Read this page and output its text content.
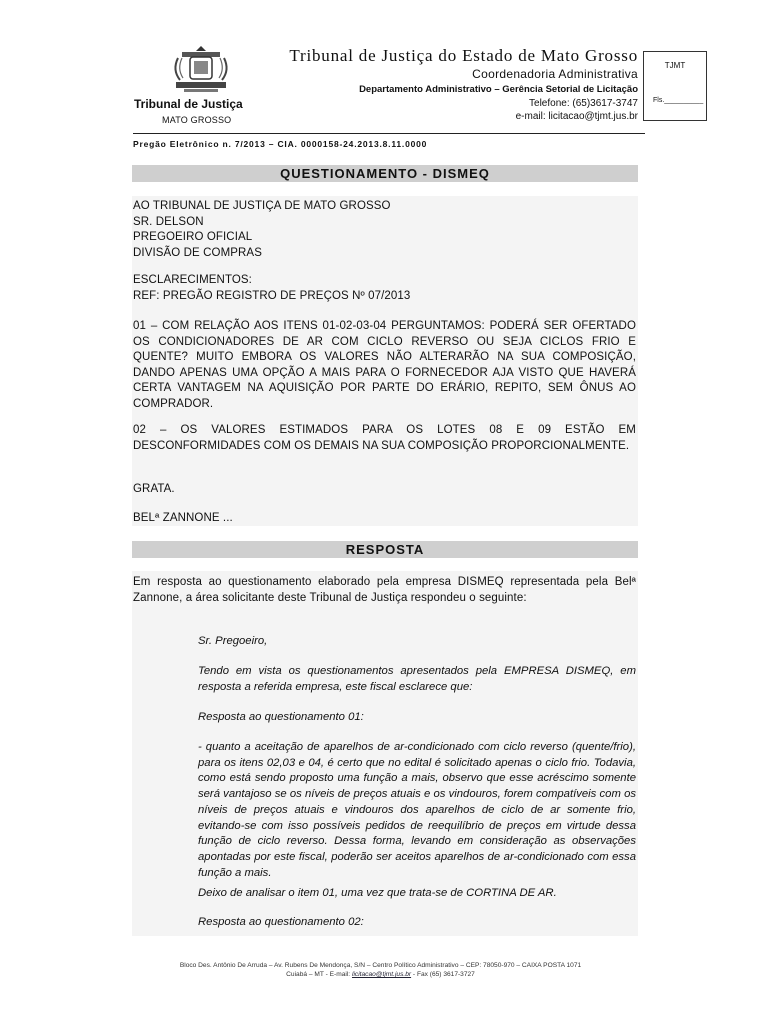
Tribunal de Justiça
MATO GROSSO
Tribunal de Justiça do Estado de Mato Grosso
Coordenadoria Administrativa
Departamento Administrativo – Gerência Setorial de Licitação
Telefone: (65)3617-3747
e-mail: licitacao@tjmt.jus.br
TJMT
Fls.__________
Pregão Eletrônico n. 7/2013 – CIA. 0000158-24.2013.8.11.0000
QUESTIONAMENTO - DISMEQ
AO TRIBUNAL DE JUSTIÇA DE MATO GROSSO
SR. DELSON
PREGOEIRO OFICIAL
DIVISÃO DE COMPRAS
ESCLARECIMENTOS:
REF: PREGÃO REGISTRO DE PREÇOS Nº 07/2013
01 – COM RELAÇÃO AOS ITENS 01-02-03-04 PERGUNTAMOS: PODERÁ SER OFERTADO OS CONDICIONADORES DE AR COM CICLO REVERSO OU SEJA CICLOS FRIO E QUENTE? MUITO EMBORA OS VALORES NÃO ALTERARÃO NA SUA COMPOSIÇÃO, DANDO APENAS UMA OPÇÃO A MAIS PARA O FORNECEDOR AJA VISTO QUE HAVERÁ CERTA VANTAGEM NA AQUISIÇÃO POR PARTE DO ERÁRIO, REPITO, SEM ÔNUS AO COMPRADOR.
02 – OS VALORES ESTIMADOS PARA OS LOTES 08 E 09 ESTÃO EM DESCONFORMIDADES COM OS DEMAIS NA SUA COMPOSIÇÃO PROPORCIONALMENTE.
GRATA.
BELª ZANNONE ...
RESPOSTA
Em resposta ao questionamento elaborado pela empresa DISMEQ representada pela Belª Zannone, a área solicitante deste Tribunal de Justiça respondeu o seguinte:
Sr. Pregoeiro,
Tendo em vista os questionamentos apresentados pela EMPRESA DISMEQ, em resposta a referida empresa, este fiscal esclarece que:
Resposta ao questionamento 01:
- quanto a aceitação de aparelhos de ar-condicionado com ciclo reverso (quente/frio), para os itens 02,03 e 04, é certo que no edital é solicitado apenas o ciclo frio. Todavia, como está sendo proposto uma função a mais, observo que esse acréscimo somente será vantajoso se os níveis de preços atuais e os vindouros, forem compatíveis com os níveis de preços atuais e vindouros dos aparelhos de ciclo de ar somente frio, evitando-se com isso possíveis pedidos de reequilíbrio de preços em virtude dessa função de ciclo reverso. Dessa forma, levando em consideração as observações apontadas por este fiscal, poderão ser aceitos aparelhos de ar-condicionado com essa função a mais.
Deixo de analisar o item 01, uma vez que trata-se de CORTINA DE AR.
Resposta ao questionamento 02:
Bloco Des. Antônio De Arruda – Av. Rubens De Mendonça, S/N – Centro Político Administrativo – CEP: 78050-970 – CAIXA POSTA 1071
Cuiabá – MT - E-mail: licitacao@tjmt.jus.br - Fax (65) 3617-3727
